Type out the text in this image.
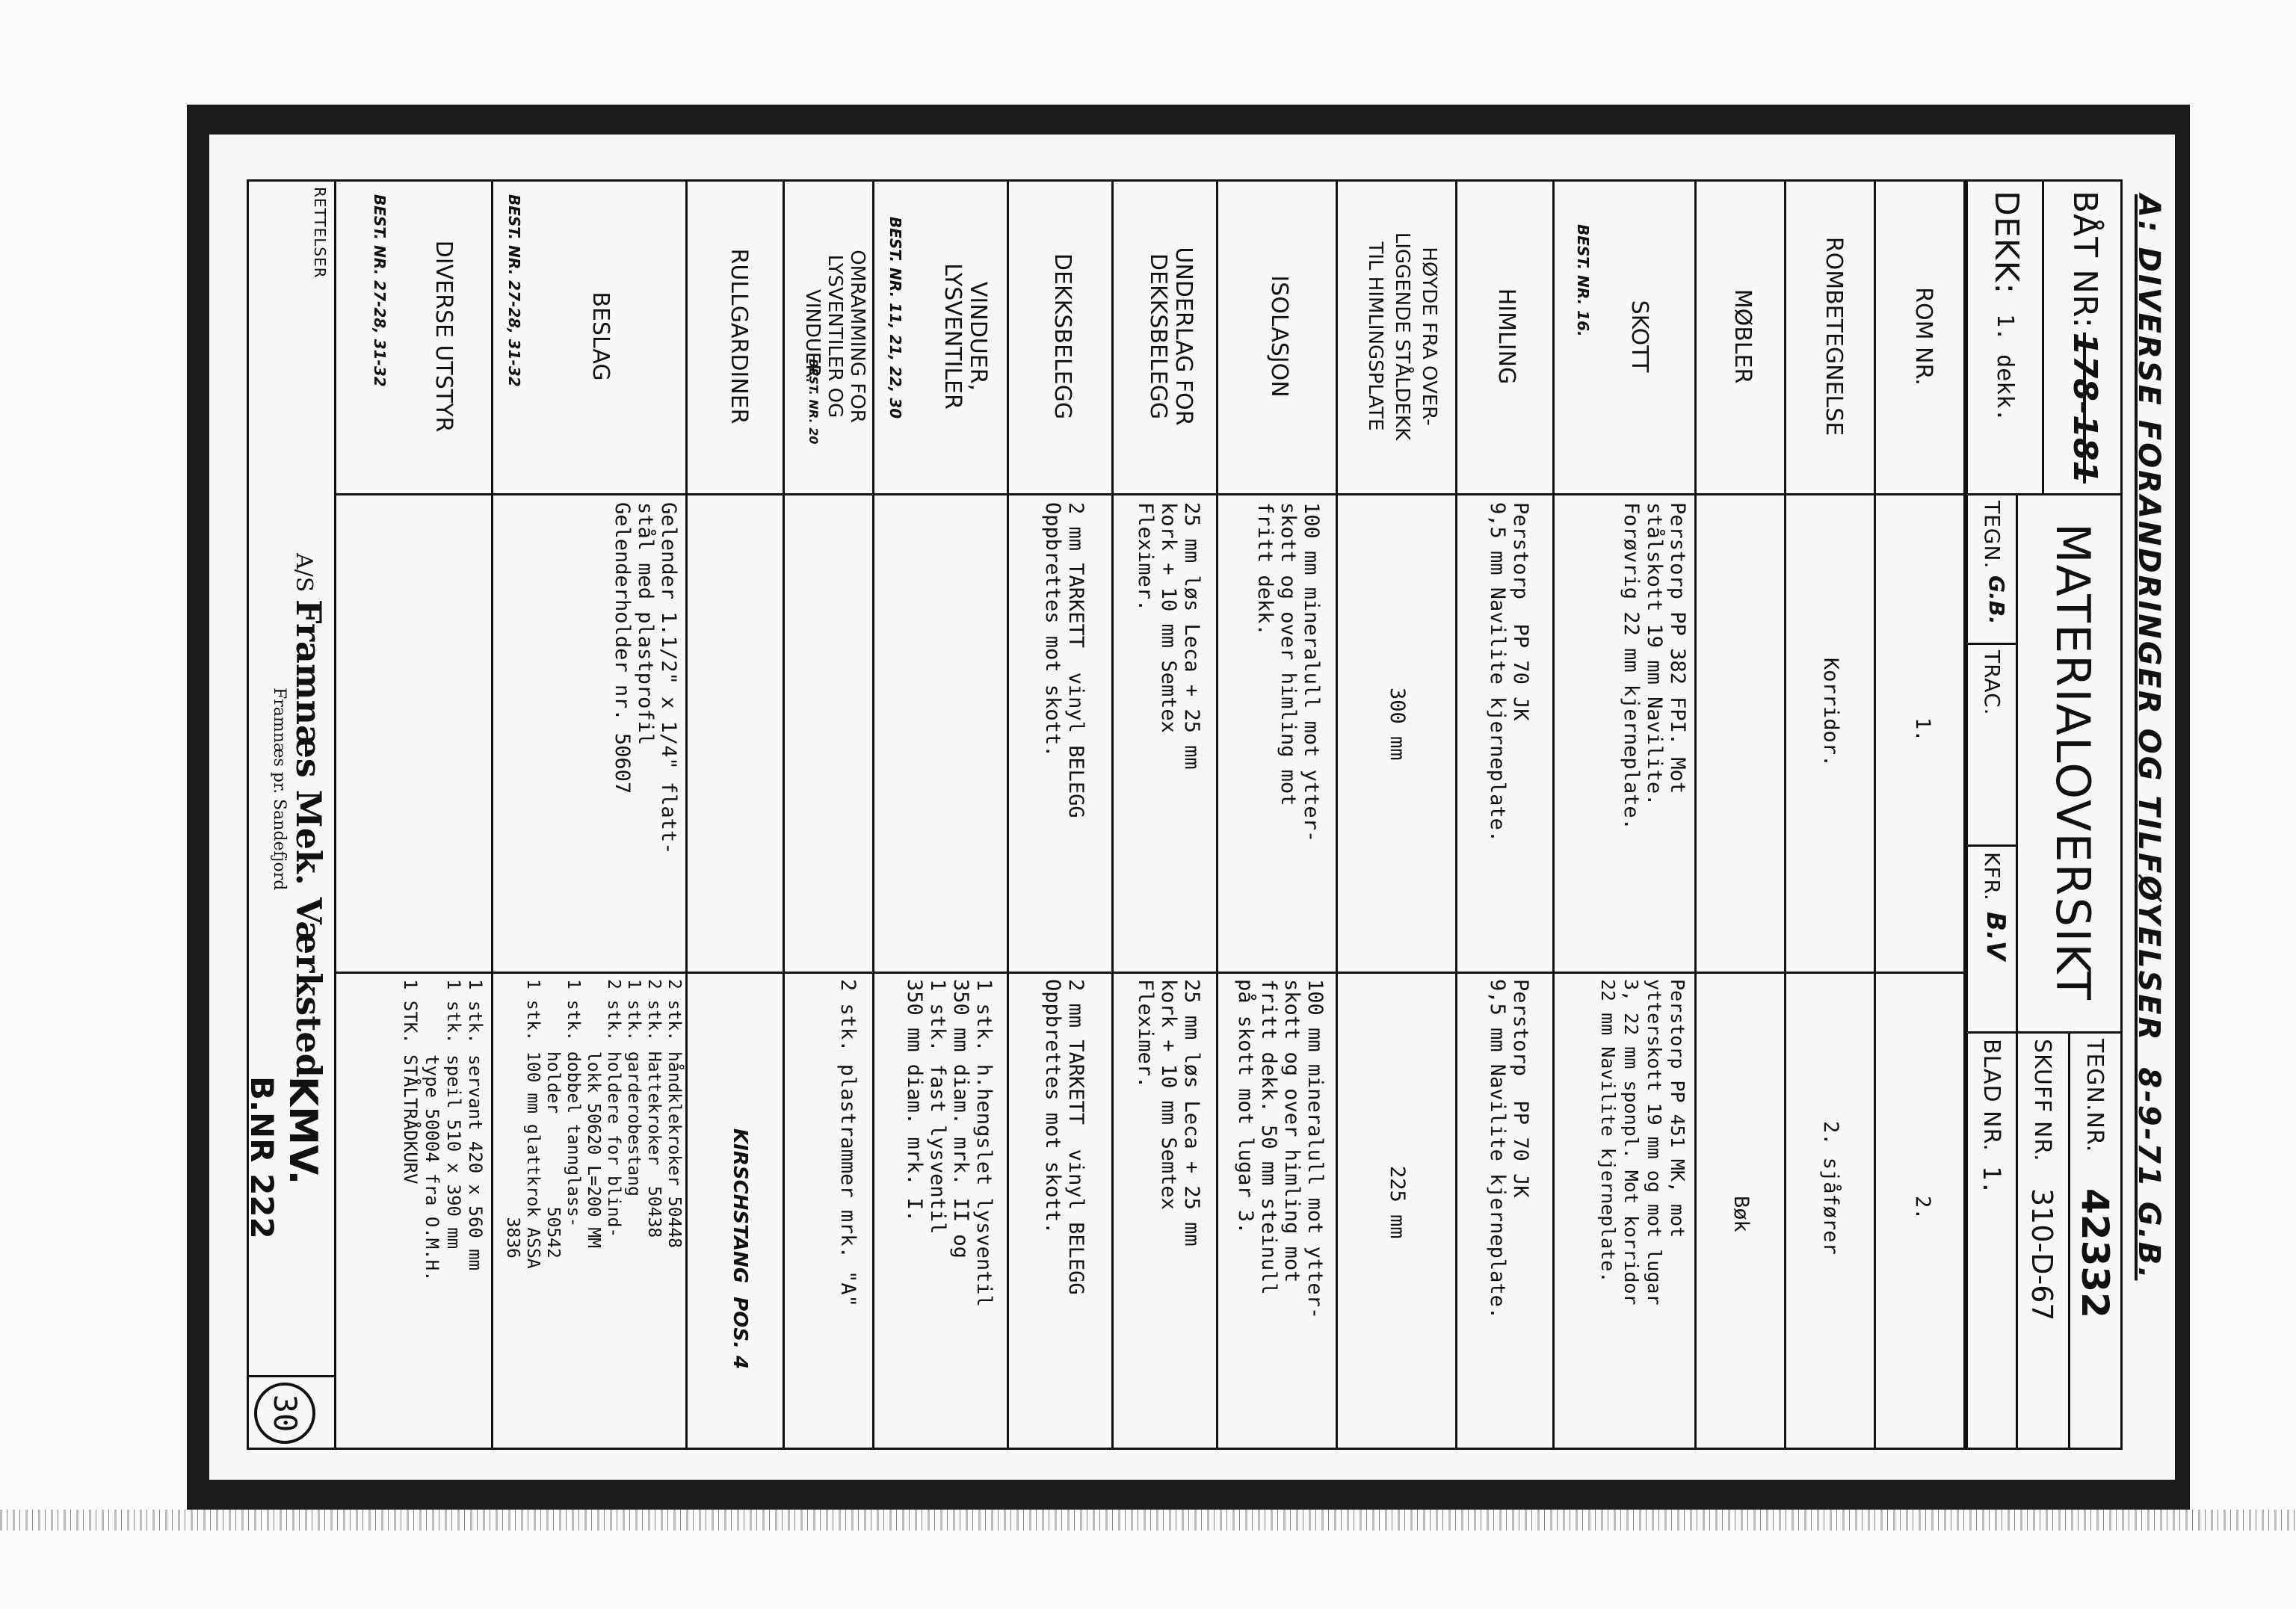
A: DIVERSE FORANDRINGER OG TILFØYELSER  8-9-71 G.B.
BÅT NR:
178-181
DEKK:
1. dekk.
MATERIALOVERSIKT
TEGN.
G.B.
TRAC.
KFR.
B.V
TEGN.NR.
42332
SKUFF NR.
310-D-67
BLAD NR.
1.
ROM NR.
1.
2.
ROMBETEGNELSE
Korridor.
2. sjåfører
MØBLER
Bøk
SKOTT
BEST. NR. 16.
Perstorp PP 382 FPI. Mot
stålskott 19 mm Navilite.
Forøvrig 22 mm kjerneplate.
Perstorp PP 451 MK, mot
ytterskott 19 mm og mot lugar
3, 22 mm sponpl. Mot korridor
22 mm Navilite kjerneplate.
HIMLING
Perstorp  PP 70 JK
9,5 mm Navilite kjerneplate.
Perstorp  PP 70 JK
9,5 mm Navilite kjerneplate.
HØYDE FRA OVER-
LIGGENDE STÅLDEKK
TIL HIMLINGSPLATE
300 mm
225 mm
ISOLASJON
100 mm mineralull mot ytter-
skott og over himling mot
fritt dekk.
100 mm mineralull mot ytter-
skott og over himling mot
fritt dekk. 50 mm steinull
på skott mot lugar 3.
UNDERLAG FOR
DEKKSBELEGG
25 mm løs Leca + 25 mm
kork + 10 mm Semtex
Fleximer.
25 mm løs Leca + 25 mm
kork + 10 mm Semtex
Fleximer.
DEKKSBELEGG
2 mm TARKETT  vinyl BELEGG
Oppbrettes mot skott.
2 mm TARKETT  vinyl BELEGG
Oppbrettes mot skott.
VINDUER,
LYSVENTILER
BEST. NR. 11, 21, 22, 30
1 stk. h.hengslet lysventil
350 mm diam. mrk. II og
1 stk. fast lysventil
350 mm diam. mrk. I.
OMRAMMING FOR
LYSVENTILER OG
VINDUER.
BEST. NR. 20
2 stk. plastrammer mrk. "A"
RULLGARDINER
KIRSCHSTANG  POS. 4
BESLAG
BEST. NR. 27-28, 31-32
Gelender 1.1/2" x 1/4" flatt-
stål med plastprofil
Gelenderholder nr. 50607
2 stk. håndklekroker 50448
2 stk. Hattekroker  50438
1 stk. garderobestang
2 stk. holdere for blind-
lokk 50620 L=200 MM
1 stk. dobbel tannglass-
holder         50542
1 stk. 100 mm glattkrok ASSA
3836
DIVERSE UTSTYR
BEST. NR. 27-28, 31-32
1 stk. servant 420 x 560 mm
1 stk. speil 510 x 390 mm
type 50004 fra O.M.H.
1 STK. STÅLTRÅDKURV
RETTELSER
A/S Framnæs Mek. Værksted
Framnæs pr. Sandefjord
KMV.
B.NR 222
30
